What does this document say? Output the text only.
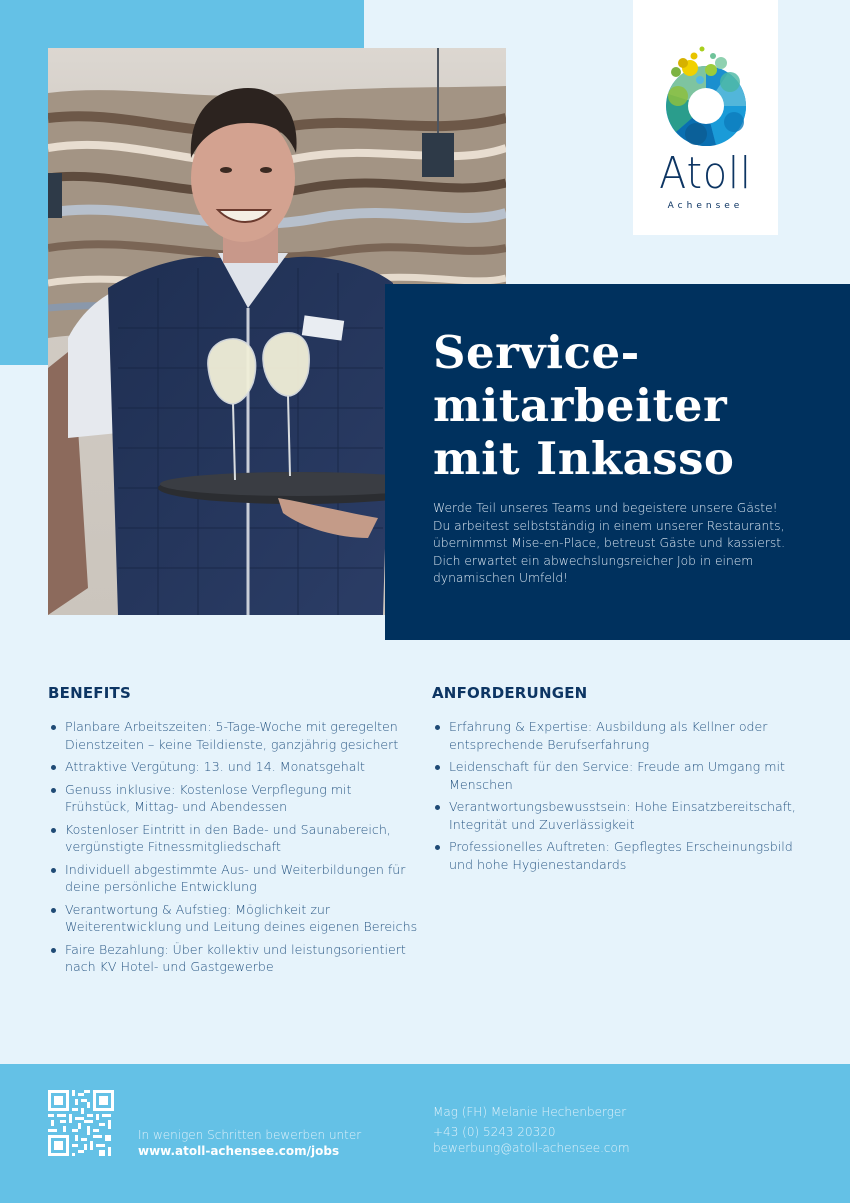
Atoll
Achensee
Service-
mitarbeiter
mit Inkasso

Werde Teil unseres Teams und begeistere unsere Gäste!
Du arbeitest selbstständig in einem unserer Restaurants,
übernimmst Mise-en-Place, betreust Gäste und kassierst.
Dich erwartet ein abwechslungsreicher Job in einem
dynamischen Umfeld!

BENEFITS
Planbare Arbeitszeiten: 5-Tage-Woche mit geregelten
Dienstzeiten – keine Teildienste, ganzjährig gesichert
Attraktive Vergütung: 13. und 14. Monatsgehalt
Genuss inklusive: Kostenlose Verpflegung mit
Frühstück, Mittag- und Abendessen
Kostenloser Eintritt in den Bade- und Saunabereich,
vergünstigte Fitnessmitgliedschaft
Individuell abgestimmte Aus- und Weiterbildungen für
deine persönliche Entwicklung
Verantwortung & Aufstieg: Möglichkeit zur
Weiterentwicklung und Leitung deines eigenen Bereichs
Faire Bezahlung: Über kollektiv und leistungsorientiert
nach KV Hotel- und Gastgewerbe
ANFORDERUNGEN
Erfahrung & Expertise: Ausbildung als Kellner oder
entsprechende Berufserfahrung
Leidenschaft für den Service: Freude am Umgang mit
Menschen
Verantwortungsbewusstsein: Hohe Einsatzbereitschaft,
Integrität und Zuverlässigkeit
Professionelles Auftreten: Gepflegtes Erscheinungsbild
und hohe Hygienestandards
In wenigen Schritten bewerben unter
www.atoll-achensee.com/jobs
Mag (FH) Melanie Hechenberger
+43 (0) 5243 20320
bewerbung@atoll-achensee.com
